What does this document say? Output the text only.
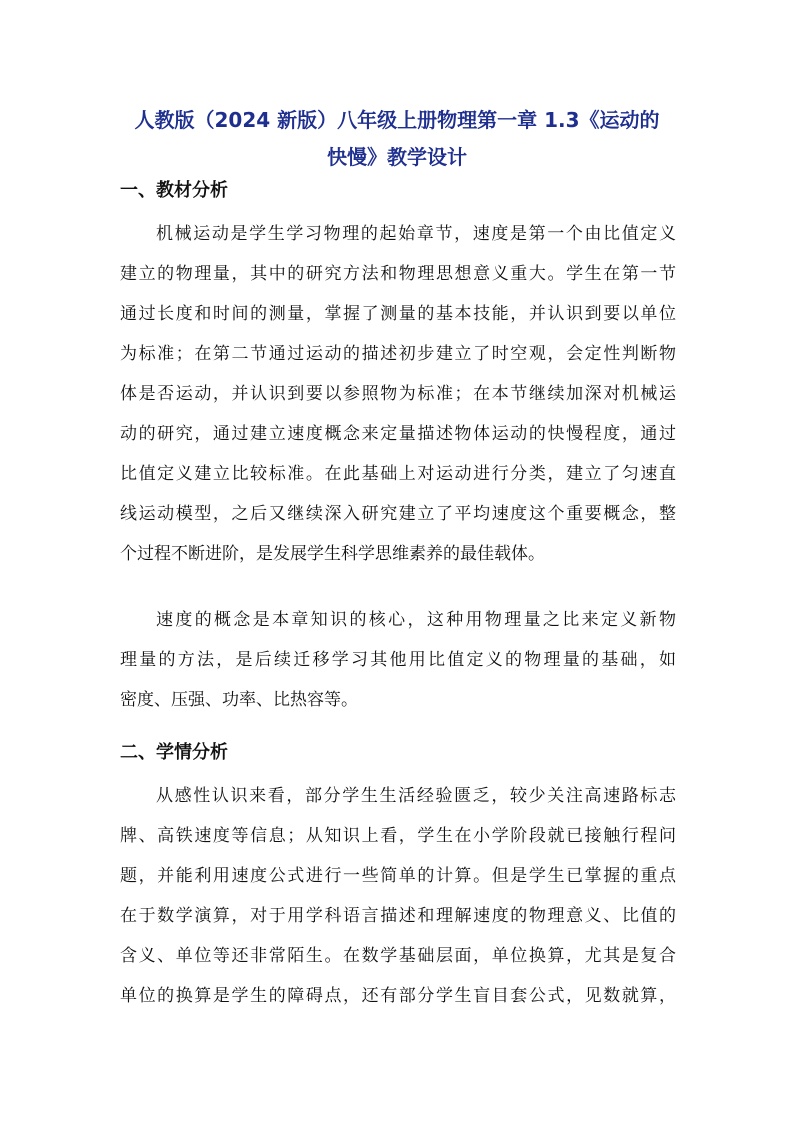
人教版（2024 新版）八年级上册物理第一章 1.3《运动的
快慢》教学设计
一、教材分析
机械运动是学生学习物理的起始章节，速度是第一个由比值定义
建立的物理量，其中的研究方法和物理思想意义重大。学生在第一节
通过长度和时间的测量，掌握了测量的基本技能，并认识到要以单位
为标准；在第二节通过运动的描述初步建立了时空观，会定性判断物
体是否运动，并认识到要以参照物为标准；在本节继续加深对机械运
动的研究，通过建立速度概念来定量描述物体运动的快慢程度，通过
比值定义建立比较标准。在此基础上对运动进行分类，建立了匀速直
线运动模型，之后又继续深入研究建立了平均速度这个重要概念，整
个过程不断进阶，是发展学生科学思维素养的最佳载体。
速度的概念是本章知识的核心，这种用物理量之比来定义新物
理量的方法，是后续迁移学习其他用比值定义的物理量的基础，如
密度、压强、功率、比热容等。
二、学情分析
从感性认识来看，部分学生生活经验匮乏，较少关注高速路标志
牌、高铁速度等信息；从知识上看，学生在小学阶段就已接触行程问
题，并能利用速度公式进行一些简单的计算。但是学生已掌握的重点
在于数学演算，对于用学科语言描述和理解速度的物理意义、比值的
含义、单位等还非常陌生。在数学基础层面，单位换算，尤其是复合
单位的换算是学生的障碍点，还有部分学生盲目套公式，见数就算，
